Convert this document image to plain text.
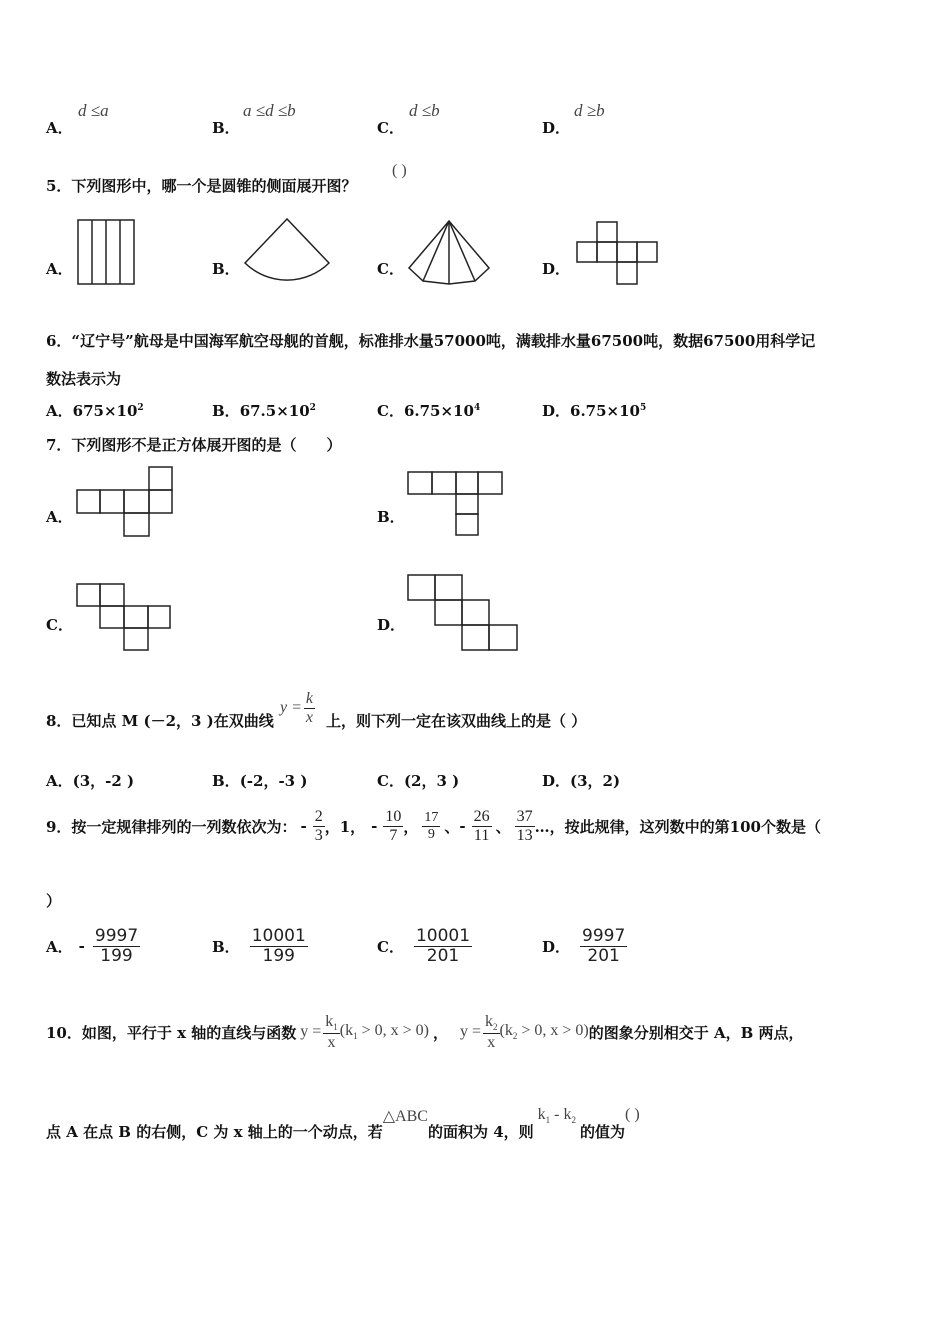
A．
d ≤a
B．
a ≤d ≤b
C．
d ≤b
D．
d ≥b
5．下列图形中，哪一个是圆锥的侧面展开图？
( )
A．	B．	C．	D．
6．“辽宁号”航母是中国海军航空母舰的首舰，标准排水量57000吨，满载排水量67500吨，数据67500用科学记
数法表示为
A．$675\times 10^2$	B．$67.5\times 10^2$	C．$6.75\times 10^4$	D．$6.75\times 10^5$
7．下列图形不是正方体展开图的是（　　）
A．	B．
C．	D．
8．已知点 M (－2，3 )在双曲线
$y = \frac{k}{x}$ 上，则下列一定在该双曲线上的是（ ）
A．(3，-2 )	B．(-2，-3 )	C．(2，3 )	D．(3，2)
9．按一定规律排列的一列数依次为： - $\frac{2}{3}$ ，1， - $\frac{10}{7}$ ， $\frac{17}{9}$ 、 - $\frac{26}{11}$ 、 $\frac{37}{13}$ …，按此规律，这列数中的第100个数是（
）
A． - $\frac{9997}{199}$	B． $\frac{10001}{199}$	C． $\frac{10001}{201}$	D． $\frac{9997}{201}$
10．如图，平行于 x 轴的直线与函数 $y = \frac{k_1}{x} (k_1 > 0$, x > 0) ， $y = \frac{k_2}{x} (k_2 > 0$, x > 0) 的图象分别相交于 A，B 两点，
点 A 在点 B 的右侧，C 为 x 轴上的一个动点，若
△ABC
的面积为 4，则
$k_1 - k_2$
的值为
( )
